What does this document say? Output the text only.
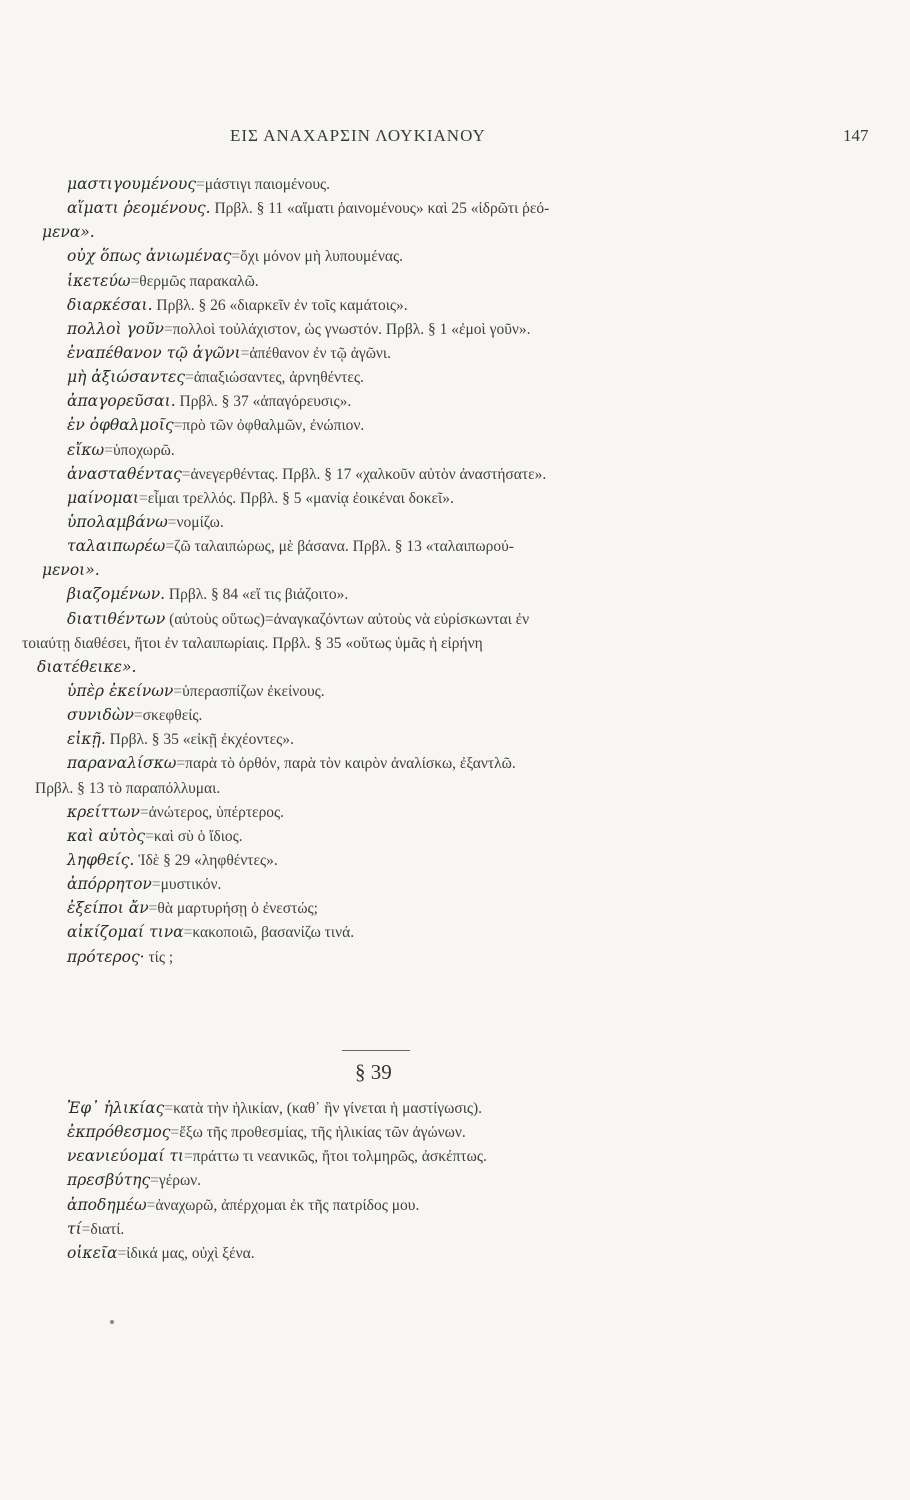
ΕΙΣ ΑΝΑΧΑΡΣΙΝ ΛΟΥΚΙΑΝΟΥ	147
μαστιγουμένους=μάστιγι παιομένους.
αἵματι ῥεομένους. Πρβλ. § 11 «αἵματι ῥαινομένους» καὶ 25 «ἱδρῶτι ῥεό-
μενα».
οὐχ ὅπως ἀνιωμένας=ὄχι μόνον μὴ λυπουμένας.
ἱκετεύω=θερμῶς παρακαλῶ.
διαρκέσαι. Πρβλ. § 26 «διαρκεῖν ἐν τοῖς καμάτοις».
πολλοὶ γοῦν=πολλοὶ τοὐλάχιστον, ὡς γνωστόν. Πρβλ. § 1 «ἐμοὶ γοῦν».
ἐναπέθανον τῷ ἀγῶνι=ἀπέθανον ἐν τῷ ἀγῶνι.
μὴ ἀξιώσαντες=ἀπαξιώσαντες, ἀρνηθέντες.
ἀπαγορεῦσαι. Πρβλ. § 37 «ἀπαγόρευσις».
ἐν ὀφθαλμοῖς=πρὸ τῶν ὀφθαλμῶν, ἐνώπιον.
εἴκω=ὑποχωρῶ.
ἀνασταθέντας=ἀνεγερθέντας. Πρβλ. § 17 «χαλκοῦν αὐτὸν ἀναστήσατε».
μαίνομαι=εἶμαι τρελλός. Πρβλ. § 5 «μανίᾳ ἐοικέναι δοκεῖ».
ὑπολαμβάνω=νομίζω.
ταλαιπωρέω=ζῶ ταλαιπώρως, μὲ βάσανα. Πρβλ. § 13 «ταλαιπωρού-
μενοι».
βιαζομένων. Πρβλ. § 84 «εἴ τις βιάζοιτο».
διατιθέντων (αὐτοὺς οὕτως)=ἀναγκαζόντων αὐτοὺς νὰ εὑρίσκωνται ἐν
τοιαύτῃ διαθέσει, ἤτοι ἐν ταλαιπωρίαις. Πρβλ. § 35 «οὕτως ὑμᾶς ἡ εἰρήνη
διατέθεικε».
ὑπὲρ ἐκείνων=ὑπερασπίζων ἐκείνους.
συνιδὼν=σκεφθείς.
εἰκῇ. Πρβλ. § 35 «εἰκῇ ἐκχέοντες».
παραναλίσκω=παρὰ τὸ ὀρθόν, παρὰ τὸν καιρὸν ἀναλίσκω, ἐξαντλῶ.
Πρβλ. § 13 τὸ παραπόλλυμαι.
κρείττων=ἀνώτερος, ὑπέρτερος.
καὶ αὐτὸς=καὶ σὺ ὁ ἴδιος.
ληφθείς. Ἰδὲ § 29 «ληφθέντες».
ἀπόρρητον=μυστικόν.
ἐξείποι ἄν=θὰ μαρτυρήσῃ ὁ ἐνεστώς;
αἰκίζομαί τινα=κακοποιῶ, βασανίζω τινά.
πρότερος· τίς ;
§ 39
Ἐφ᾽ ἡλικίας=κατὰ τὴν ἡλικίαν, (καθ᾽ ἣν γίνεται ἡ μαστίγωσις).
ἐκπρόθεσμος=ἔξω τῆς προθεσμίας, τῆς ἡλικίας τῶν ἀγώνων.
νεανιεύομαί τι=πράττω τι νεανικῶς, ἤτοι τολμηρῶς, ἀσκέπτως.
πρεσβύτης=γέρων.
ἀποδημέω=ἀναχωρῶ, ἀπέρχομαι ἐκ τῆς πατρίδος μου.
τί=διατί.
οἰκεῖα=ἰδικά μας, οὐχὶ ξένα.
